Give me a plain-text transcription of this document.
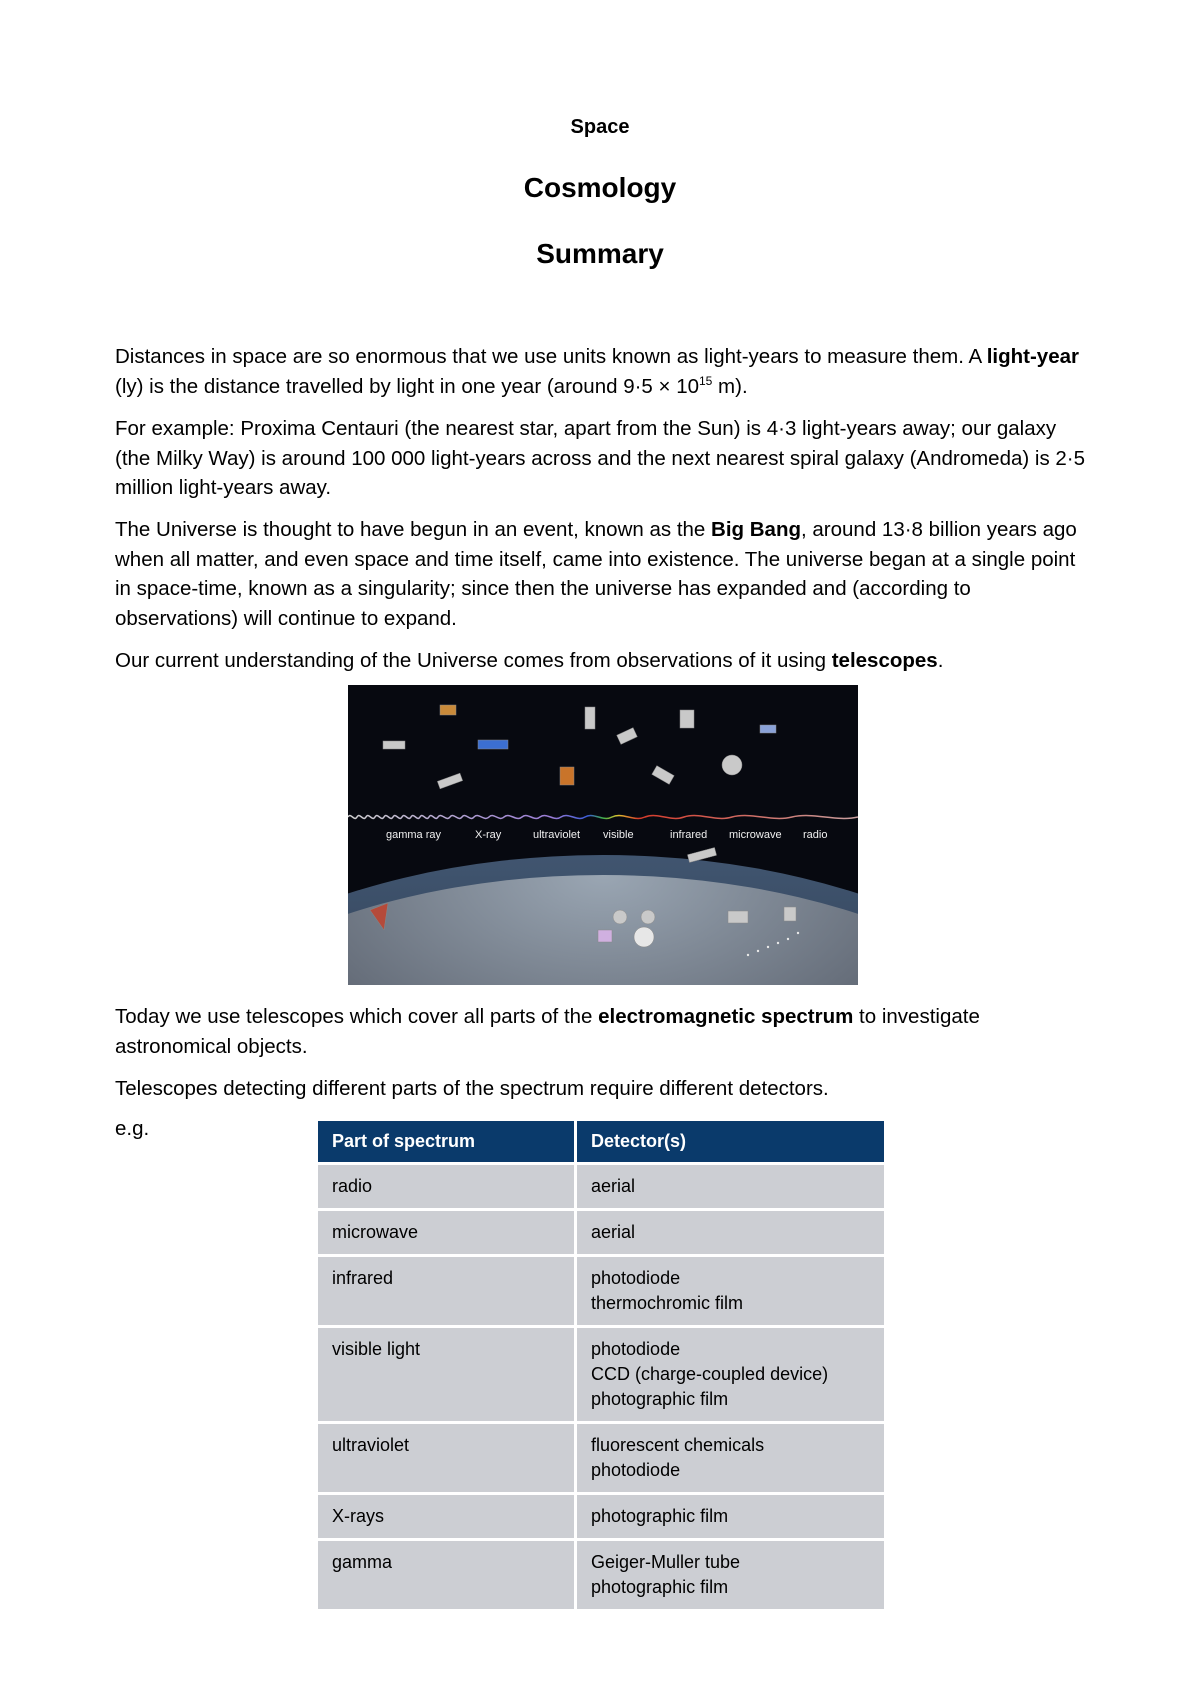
Space
Cosmology
Summary
Distances in space are so enormous that we use units known as light-years to measure them. A light-year (ly) is the distance travelled by light in one year (around $9\cdot 5 \times 10^{15}$ m).
For example: Proxima Centauri (the nearest star, apart from the Sun) is 4·3 light-years away; our galaxy (the Milky Way) is around 100 000 light-years across and the next nearest spiral galaxy (Andromeda) is 2·5 million light-years away.
The Universe is thought to have begun in an event, known as the Big Bang, around 13·8 billion years ago when all matter, and even space and time itself, came into existence. The universe began at a single point in space-time, known as a singularity; since then the universe has expanded and (according to observations) will continue to expand.
Our current understanding of the Universe comes from observations of it using telescopes.
gamma ray	X-ray	ultraviolet visible	infrared microwave radio
Today we use telescopes which cover all parts of the electromagnetic spectrum to investigate astronomical objects.
Telescopes detecting different parts of the spectrum require different detectors.
e.g.
Part of spectrum	Detector(s)
radio	aerial

microwave	aerial

infrared	photodiode
thermochromic film

visible light	photodiode
CCD (charge-coupled device)
photographic film

ultraviolet	fluorescent chemicals
photodiode

X-rays	photographic film

gamma	Geiger-Muller tube
photographic film
